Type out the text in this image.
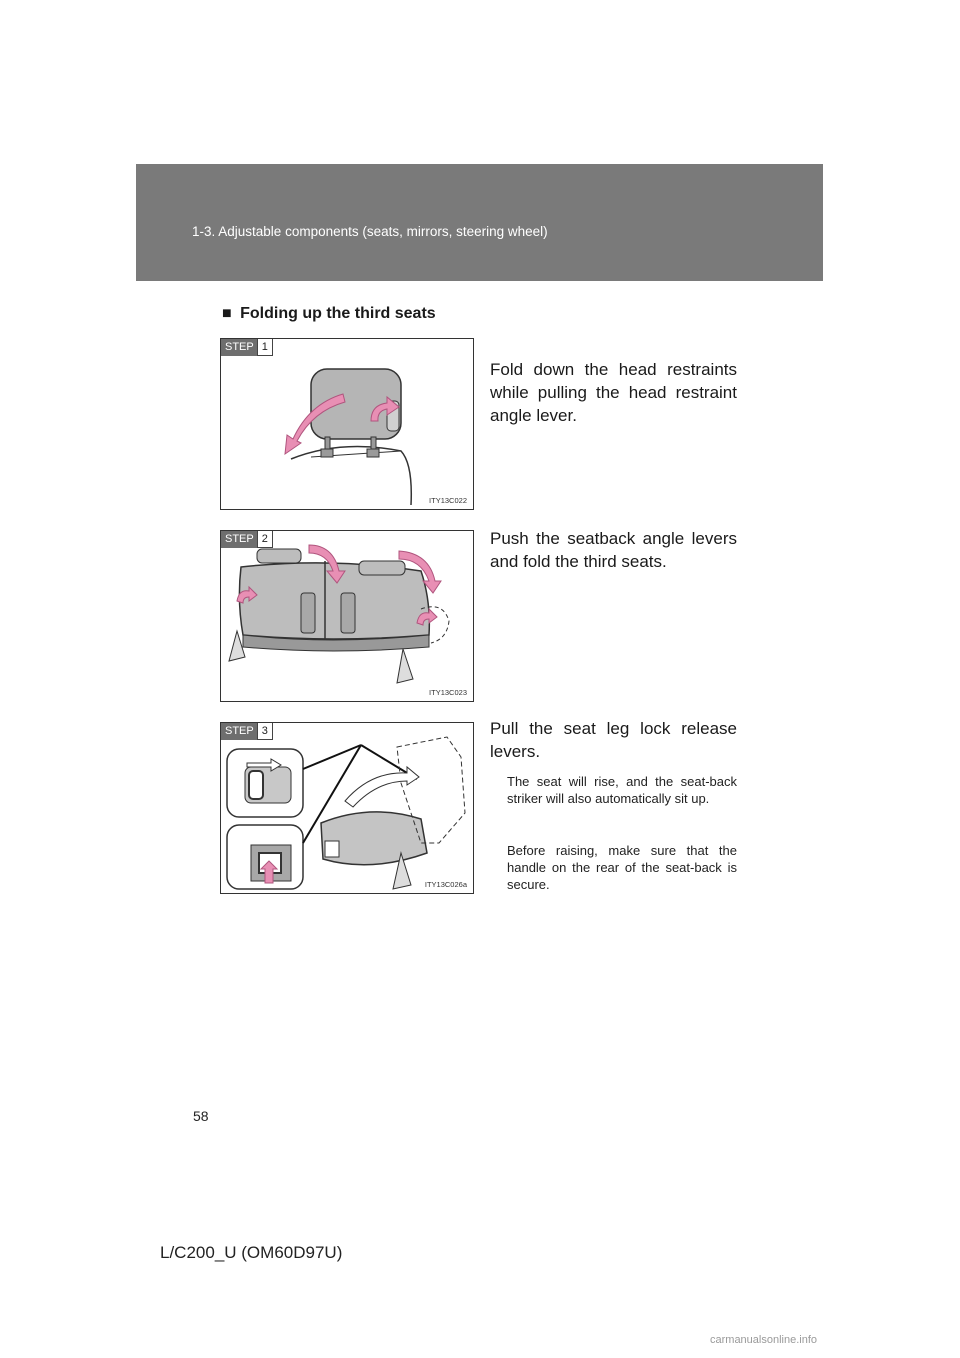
1-3. Adjustable components (seats, mirrors, steering wheel)
■ Folding up the third seats
STEP 1
ITY13C022
Fold down the head restraints while pulling the head restraint angle lever.
STEP 2
ITY13C023
Push the seatback angle levers and fold the third seats.
STEP 3
ITY13C026a
Pull the seat leg lock release levers.
The seat will rise, and the seat-back striker will also automatically sit up.
Before raising, make sure that the handle on the rear of the seat-back is secure.
58
L/C200_U (OM60D97U)
carmanualsonline.info
